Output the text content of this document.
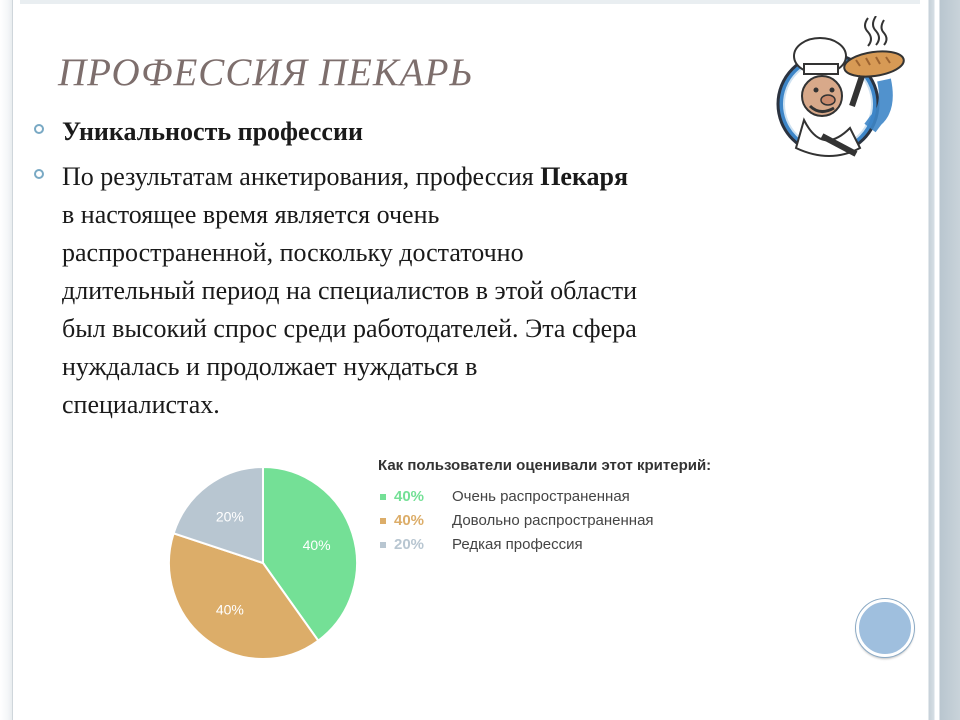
ПРОФЕССИЯ ПЕКАРЬ
Уникальность профессии
По результатам анкетирования, профессия Пекаря
в настоящее время является очень
распространенной, поскольку достаточно
длительный период на специалистов в этой области
был высокий спрос среди работодателей. Эта сфера
нуждалась и продолжает нуждаться в
специалистах.
40%
40%
20%
Как пользователи оценивали этот критерий:
40%	Очень распространенная
40%	Довольно распространенная
20%	Редкая профессия
